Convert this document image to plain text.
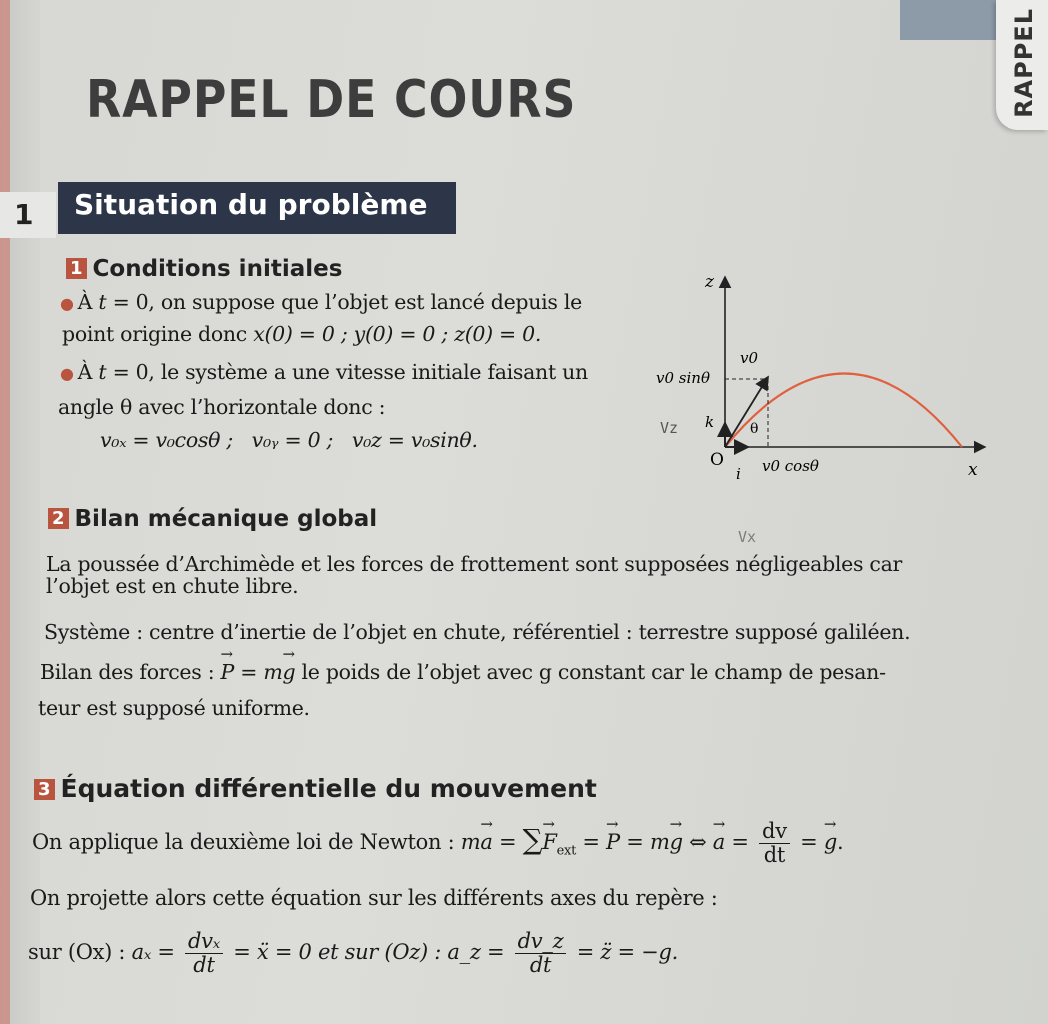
RAPPEL
RAPPEL DE COURS
1 Situation du problème
1 Conditions initiales
● À t = 0, on suppose que l’objet est lancé depuis le
point origine donc x(0) = 0 ; y(0) = 0 ; z(0) = 0.
● À t = 0, le système a une vitesse initiale faisant un
angle θ avec l’horizontale donc :
v₀ₓ = v₀cosθ ; v₀ᵧ = 0 ; v₀z = v₀sinθ.
z
x
O
i
k
v0
v0 sinθ
v0 cosθ
θ
Vz
Vx
2 Bilan mécanique global
La poussée d’Archimède et les forces de frottement sont supposées négligeables car
l’objet est en chute libre.
Système : centre d’inertie de l’objet en chute, référentiel : terrestre supposé galiléen.
Bilan des forces : → P = m→ g le poids de l’objet avec g constant car le champ de pesan-
teur est supposé uniforme.
3 Équation différentielle du mouvement
On applique la deuxième loi de Newton : m→ a = ∑→ $F_{ext}$ = → P = m→ g ⇔ → $a = \frac{dv}{dt}$ = → g.
On projette alors cette équation sur les différents axes du repère :
sur (Ox) : $a_x = \frac{\text{dvₓ}}{dt}$ = ẍ = 0 et sur (Oz) : a_z = $\frac{dv\_z}{dt}$ = z̈ = −g.
